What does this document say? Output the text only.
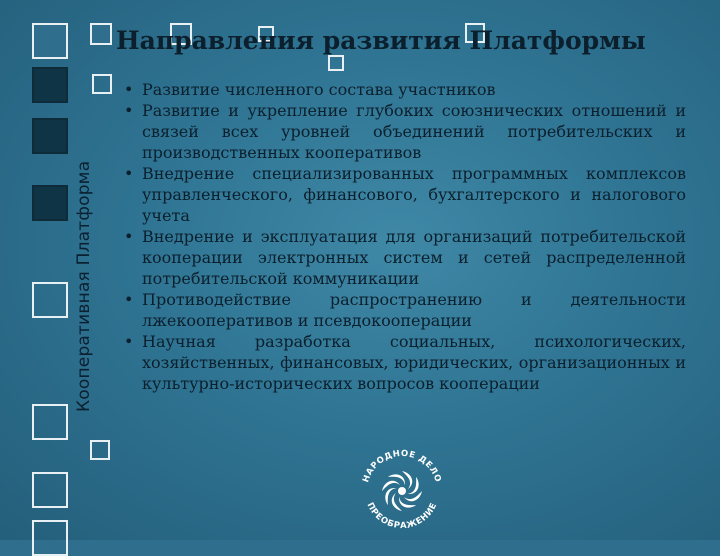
Кооперативная Платформа
Направления развития Платформы
• Развитие численного состава участников
• Развитие и укрепление глубоких союзнических отношений и связей всех уровней объединений потребительских и производственных кооперативов
• Внедрение специализированных программных комплексов управленческого, финансового, бухгалтерского и налогового учета
• Внедрение и эксплуатация для организаций потребительской кооперации электронных систем и сетей распределенной потребительской коммуникации
• Противодействие распространению и деятельности лжекооперативов и псевдокооперации
• Научная разработка социальных, психологических, хозяйственных, финансовых, юридических, организационных и культурно-исторических вопросов кооперации
НАРОДНОЕ ДЕЛО
ПРЕОБРАЖЕНИЕ
